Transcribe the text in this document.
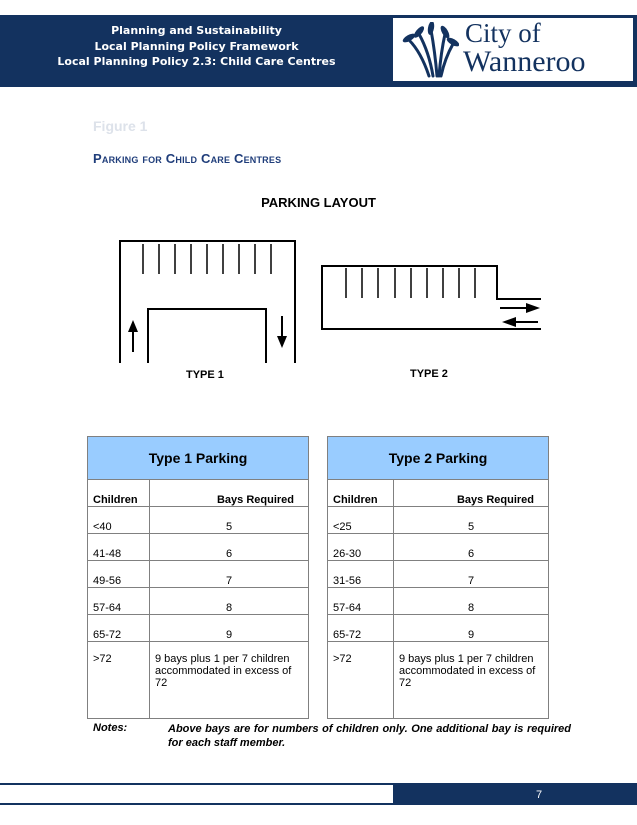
Planning and Sustainability
Local Planning Policy Framework
Local Planning Policy 2.3: Child Care Centres
City of
Wanneroo
Figure 1
Parking for Child Care Centres
PARKING LAYOUT
TYPE 1	TYPE 2
Type 1 Parking	
Children	Bays Required
<40	5
41-48	6
49-56	7
57-64	8
65-72	9
>72	9 bays plus 1 per 7 children accommodated in excess of 72
Type 2 Parking	
Children	Bays Required
<25	5
26-30	6
31-56	7
57-64	8
65-72	9
>72	9 bays plus 1 per 7 children accommodated in excess of 72
Notes:	Above bays are for numbers of children only. One additional bay is required for each staff member.
7
